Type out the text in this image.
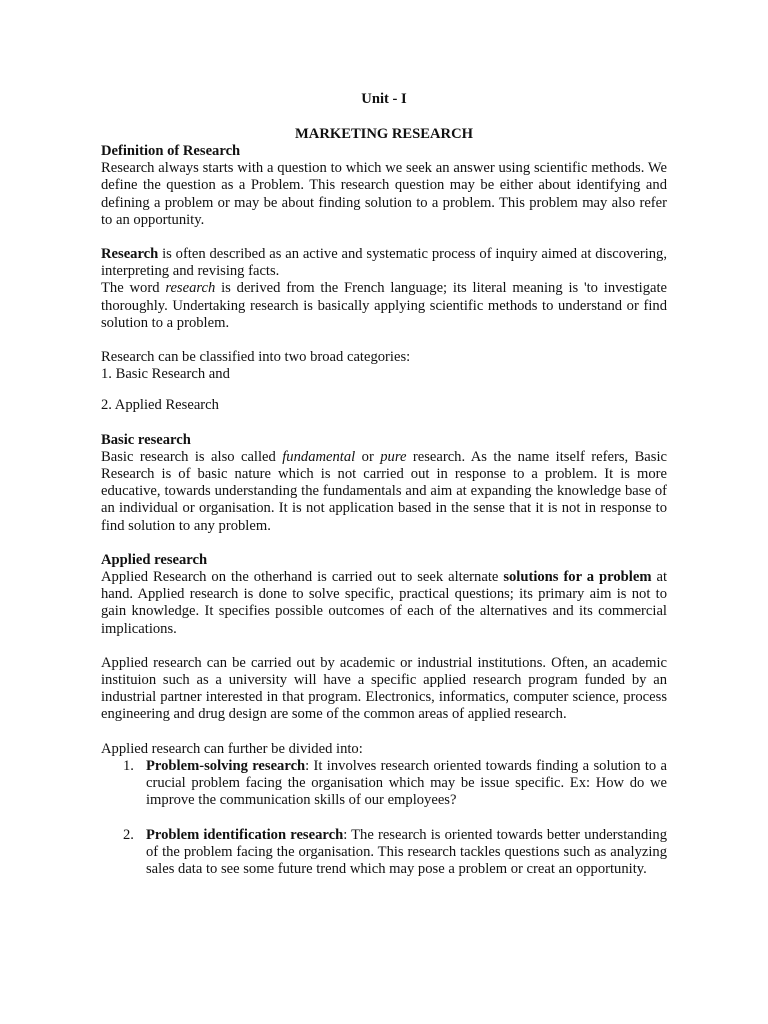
Unit - I
MARKETING RESEARCH

Definition of Research

Research always starts with a question to which we seek an answer using scientific methods. We define the question as a Problem. This research question may be either about identifying and defining a problem or may be about finding solution to a problem. This problem may also refer to an opportunity.

Research is often described as an active and systematic process of inquiry aimed at discovering, interpreting and revising facts.

The word research is derived from the French language; its literal meaning is 'to investigate thoroughly. Undertaking research is basically applying scientific methods to understand or find solution to a problem.

Research can be classified into two broad categories:

1. Basic Research and

2. Applied Research

Basic research

Basic research is also called fundamental or pure research. As the name itself refers, Basic Research is of basic nature which is not carried out in response to a problem. It is more educative, towards understanding the fundamentals and aim at expanding the knowledge base of an individual or organisation. It is not application based in the sense that it is not in response to find solution to any problem.

Applied research

Applied Research on the otherhand is carried out to seek alternate solutions for a problem at hand. Applied research is done to solve specific, practical questions; its primary aim is not to gain knowledge. It specifies possible outcomes of each of the alternatives and its commercial implications.

Applied research can be carried out by academic or industrial institutions. Often, an academic instituion such as a university will have a specific applied research program funded by an industrial partner interested in that program. Electronics, informatics, computer science, process engineering and drug design are some of the common areas of applied research.

Applied research can further be divided into:

1. Problem-solving research: It involves research oriented towards finding a solution to a crucial problem facing the organisation which may be issue specific. Ex: How do we improve the communication skills of our employees?
2. Problem identification research: The research is oriented towards better understanding of the problem facing the organisation. This research tackles questions such as analyzing sales data to see some future trend which may pose a problem or creat an opportunity.
